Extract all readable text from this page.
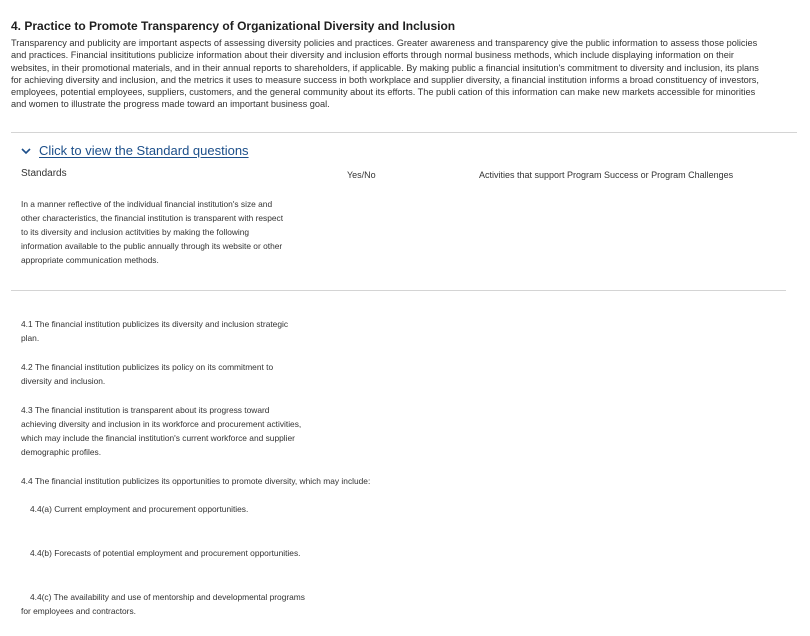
4. Practice to Promote Transparency of Organizational Diversity and Inclusion
Transparency and publicity are important aspects of assessing diversity policies and practices. Greater awareness and transparency give the public information to assess those policies
and practices. Financial insititutions publicize information about their diversity and inclusion efforts through normal business methods, which include displaying information on their
websites, in their promotional materials, and in their annual reports to shareholders, if applicable. By making public a financial insitution's commitment to diversity and inclusion, its plans
for achieving diversity and inclusion, and the metrics it uses to measure success in both workplace and supplier diversity, a financial institution informs a broad constituency of investors,
employees, potential employees, suppliers, customers, and the general community about its efforts. The publi cation of this information can make new markets accessible for minorities
and women to illustrate the progress made toward an important business goal.
Click to view the Standard questions
Standards	Yes/No	Activities that support Program Success or Program Challenges
In a manner reflective of the individual financial institution's size and
other characteristics, the financial institution is transparent with respect
to its diversity and inclusion actitvities by making the following
information available to the public annually through its website or other
appropriate communication methods.
4.1 The financial institution publicizes its diversity and inclusion strategic
plan.
4.2 The financial institution publicizes its policy on its commitment to
diversity and inclusion.
4.3 The financial institution is transparent about its progress toward
achieving diversity and inclusion in its workforce and procurement activities,
which may include the financial institution's current workforce and supplier
demographic profiles.
4.4 The financial institution publicizes its opportunities to promote diversity, which may include:
4.4(a) Current employment and procurement opportunities.
4.4(b) Forecasts of potential employment and procurement opportunities.
4.4(c) The availability and use of mentorship and developmental programs
for employees and contractors.
